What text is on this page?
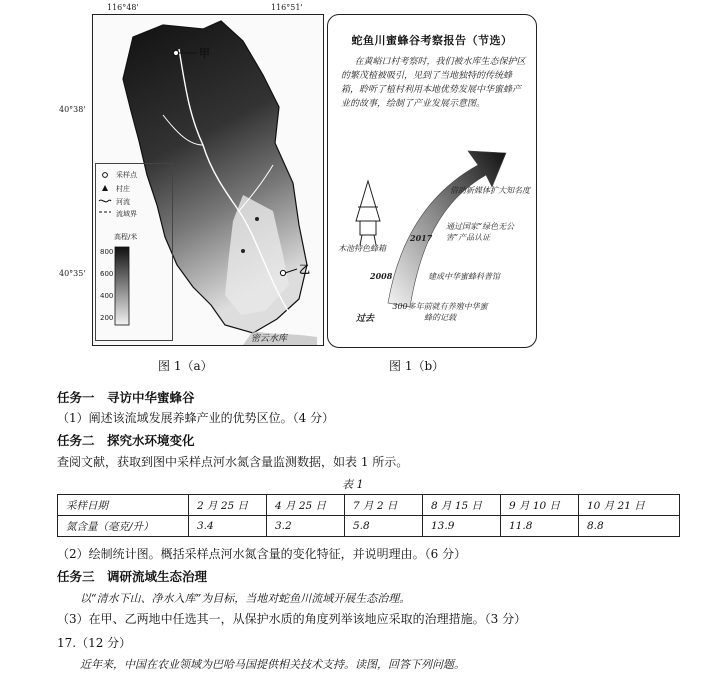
116°48'	116°51'
40°38'
40°35'
甲
乙
密云水库
采样点
村庄
河流
流域界
高程/米
800
600
400
200
图 1（a）
蛇鱼川蜜蜂谷考察报告（节选）
在黄峪口村考察时，我们被水库生态保护区的繁茂植被吸引，见到了当地独特的传统蜂箱，聆听了植村利用本地优势发展中华蜜蜂产业的故事，绘制了产业发展示意图。
借助新媒体扩大知名度
2017
通过国家“绿色无公害”产品认证
2008	建成中华蜜蜂科普馆
过去
300多年前就有养殖中华蜜蜂的记载
木池特色蜂箱
图 1（b）
任务一　寻访中华蜜蜂谷
（1）阐述该流域发展养蜂产业的优势区位。（4 分）
任务二　探究水环境变化
查阅文献，获取到图中采样点河水氮含量监测数据，如表 1 所示。
表 1
采样日期	2 月 25 日	4 月 25 日	7 月 2 日	8 月 15 日	9 月 10 日	10 月 21 日
氮含量（毫克/升）	3.4	3.2	5.8	13.9	11.8	8.8
（2）绘制统计图。概括采样点河水氮含量的变化特征，并说明理由。（6 分）
任务三　调研流域生态治理
以“清水下山、净水入库”为目标，当地对蛇鱼川流域开展生态治理。
（3）在甲、乙两地中任选其一，从保护水质的角度列举该地应采取的治理措施。（3 分）
17.（12 分）
近年来，中国在农业领域为巴哈马国提供相关技术支持。读图，回答下列问题。
